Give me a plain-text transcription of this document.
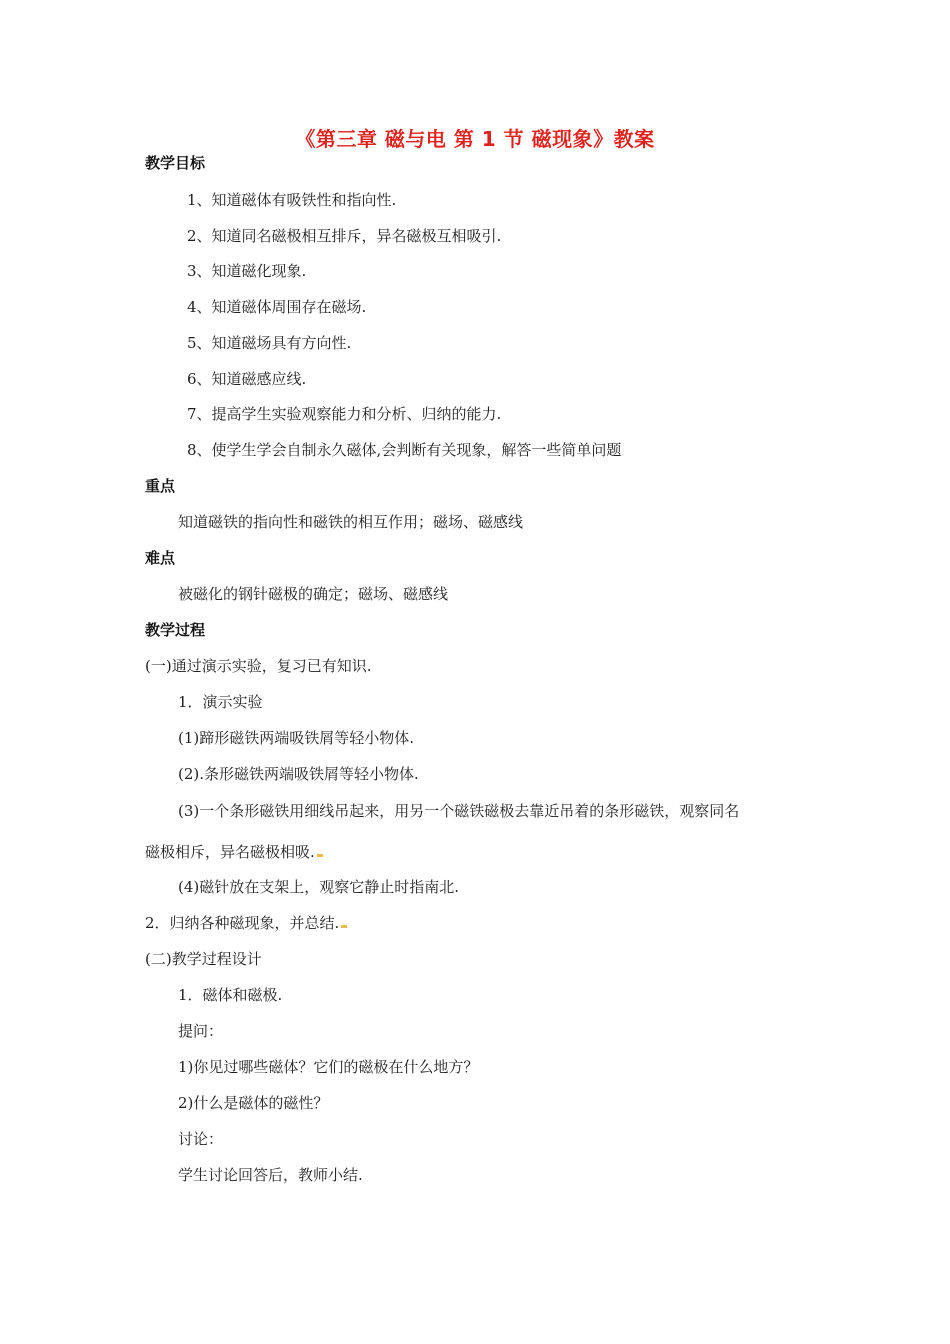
《第三章 磁与电 第 1 节 磁现象》教案
教学目标
1、知道磁体有吸铁性和指向性.
2、知道同名磁极相互排斥，异名磁极互相吸引.
3、知道磁化现象.
4、知道磁体周围存在磁场.
5、知道磁场具有方向性.
6、知道磁感应线.
7、提高学生实验观察能力和分析、归纳的能力.
8、使学生学会自制永久磁体,会判断有关现象，解答一些简单问题
重点
知道磁铁的指向性和磁铁的相互作用；磁场、磁感线
难点
被磁化的钢针磁极的确定；磁场、磁感线
教学过程
(一)通过演示实验，复习已有知识.
1．演示实验
(1)蹄形磁铁两端吸铁屑等轻小物体.
(2).条形磁铁两端吸铁屑等轻小物体.
(3)一个条形磁铁用细线吊起来，用另一个磁铁磁极去靠近吊着的条形磁铁，观察同名
磁极相斥，异名磁极相吸.
(4)磁针放在支架上，观察它静止时指南北.
2．归纳各种磁现象，并总结.
(二)教学过程设计
1．磁体和磁极.
提问：
1)你见过哪些磁体？它们的磁极在什么地方？
2)什么是磁体的磁性？
讨论：
学生讨论回答后，教师小结.
